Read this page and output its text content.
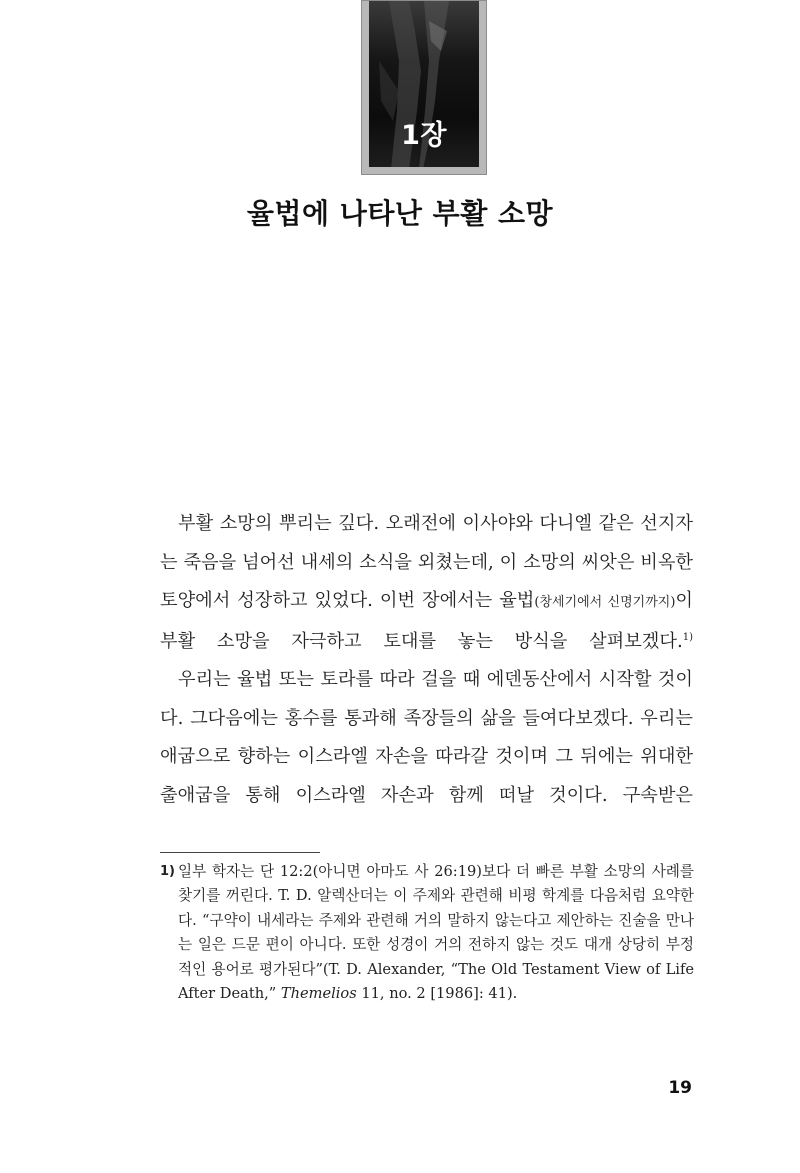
1장
율법에 나타난 부활 소망

부활 소망의 뿌리는 깊다. 오래전에 이사야와 다니엘 같은 선지자는 죽음을 넘어선 내세의 소식을 외쳤는데, 이 소망의 씨앗은 비옥한 토양에서 성장하고 있었다. 이번 장에서는 율법(창세기에서 신명기까지)이 부활 소망을 자극하고 토대를 놓는 방식을 살펴보겠다.$^{1)}$

우리는 율법 또는 토라를 따라 걸을 때 에덴동산에서 시작할 것이다. 그다음에는 홍수를 통과해 족장들의 삶을 들여다보겠다. 우리는 애굽으로 향하는 이스라엘 자손을 따라갈 것이며 그 뒤에는 위대한 출애굽을 통해 이스라엘 자손과 함께 떠날 것이다. 구속받은

1) 일부 학자는 단 12:2(아니면 아마도 사 26:19)보다 더 빠른 부활 소망의 사례를 찾기를 꺼린다. T. D. 알렉산더는 이 주제와 관련해 비평 학계를 다음처럼 요약한다. “구약이 내세라는 주제와 관련해 거의 말하지 않는다고 제안하는 진술을 만나는 일은 드문 편이 아니다. 또한 성경이 거의 전하지 않는 것도 대개 상당히 부정적인 용어로 평가된다”(T. D. Alexander, “The Old Testament View of Life After Death,” Themelios 11, no. 2 [1986]: 41).
19
